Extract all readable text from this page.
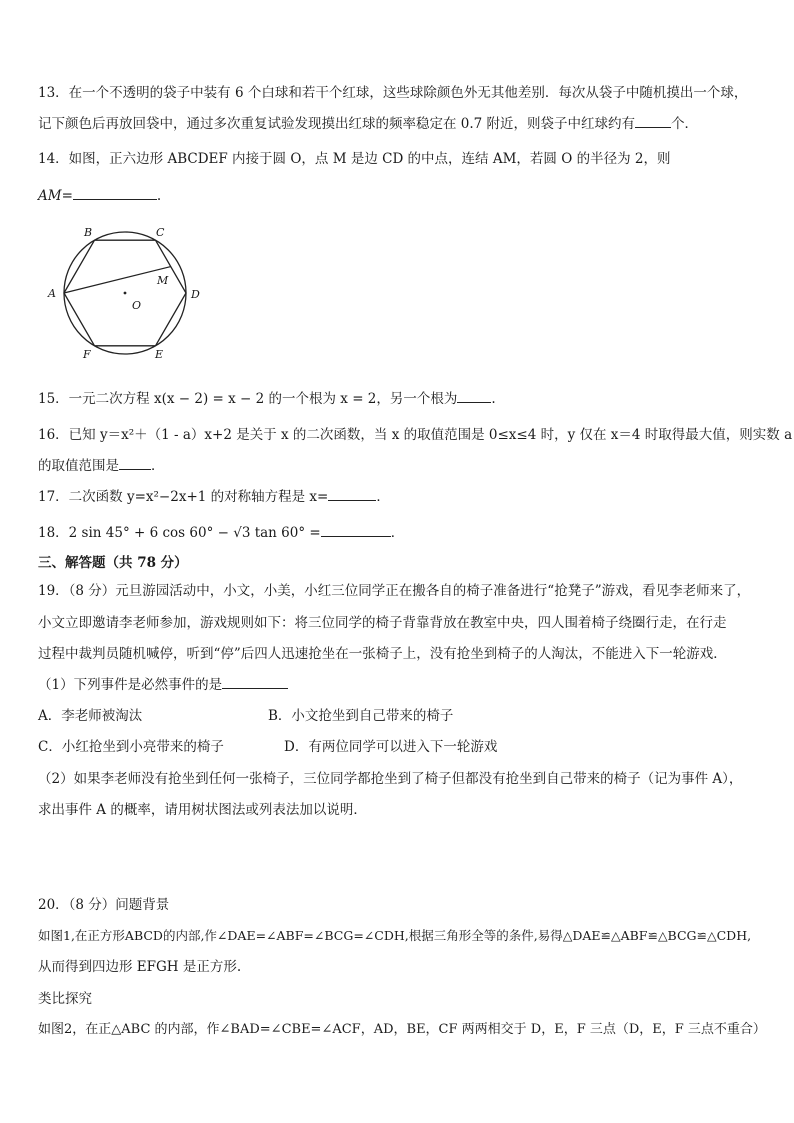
13．在一个不透明的袋子中装有 6 个白球和若干个红球，这些球除颜色外无其他差别．每次从袋子中随机摸出一个球，
记下颜色后再放回袋中，通过多次重复试验发现摸出红球的频率稳定在 0.7 附近，则袋子中红球约有	个．
14．如图，正六边形 ABCDEF 内接于圆 O，点 M 是边 CD 的中点，连结 AM，若圆 O 的半径为 2，则
AM=	.
A
B	C
D
E
F
M
O
15．一元二次方程 x(x − 2) = x − 2 的一个根为 x = 2，另一个根为	.
16．已知 y＝x²＋（1 - a）x+2 是关于 x 的二次函数，当 x 的取值范围是 0≤x≤4 时，y 仅在 x＝4 时取得最大值，则实数 a
的取值范围是 ．
17．二次函数 y=x²−2x+1 的对称轴方程是 x=	．
18．2 sin 45° + 6 cos 60° − √3 tan 60° =	．
三、解答题（共 78 分）
19．（8 分）元旦游园活动中，小文，小美，小红三位同学正在搬各自的椅子准备进行“抢凳子”游戏，看见李老师来了，
小文立即邀请李老师参加，游戏规则如下：将三位同学的椅子背靠背放在教室中央，四人围着椅子绕圈行走，在行走
过程中裁判员随机喊停，听到“停”后四人迅速抢坐在一张椅子上，没有抢坐到椅子的人淘汰，不能进入下一轮游戏．
（1）下列事件是必然事件的是
A．李老师被淘汰	B．小文抢坐到自己带来的椅子
C．小红抢坐到小亮带来的椅子	D．有两位同学可以进入下一轮游戏
（2）如果李老师没有抢坐到任何一张椅子，三位同学都抢坐到了椅子但都没有抢坐到自己带来的椅子（记为事件 A），
求出事件 A 的概率，请用树状图法或列表法加以说明．
20．（8 分）问题背景
如图1,在正方形ABCD的内部,作∠DAE=∠ABF=∠BCG=∠CDH,根据三角形全等的条件,易得△DAE≌△ABF≌△BCG≌△CDH,
从而得到四边形 EFGH 是正方形.
类比探究
如图2，在正△ABC 的内部，作∠BAD=∠CBE=∠ACF，AD，BE，CF 两两相交于 D，E，F 三点（D，E，F 三点不重合）
